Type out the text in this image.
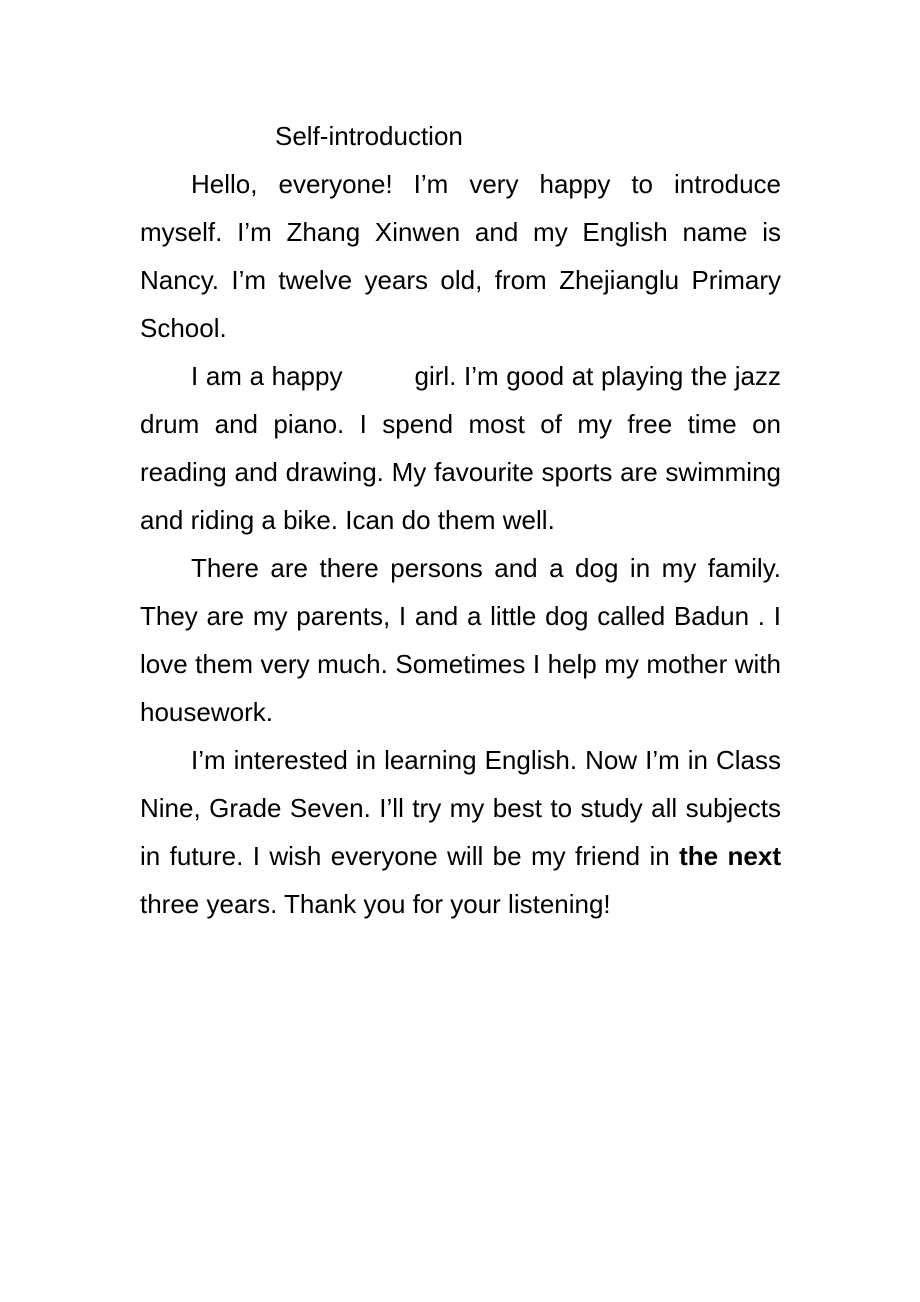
Self-introduction

Hello, everyone! I’m very happy to introduce myself. I’m Zhang Xinwen and my English name is Nancy. I’m twelve years old, from Zhejianglu Primary School.

I am a happy	girl. I’m good at playing the jazz drum and piano. I spend most of my free time on reading and drawing. My favourite sports are swimming and riding a bike. Ican do them well.

There are there persons and a dog in my family. They are my parents, I and a little dog called Badun . I love them very much. Sometimes I help my mother with housework.

I’m interested in learning English. Now I’m in Class Nine, Grade Seven. I’ll try my best to study all subjects in future. I wish everyone will be my friend in the next three years. Thank you for your listening!
